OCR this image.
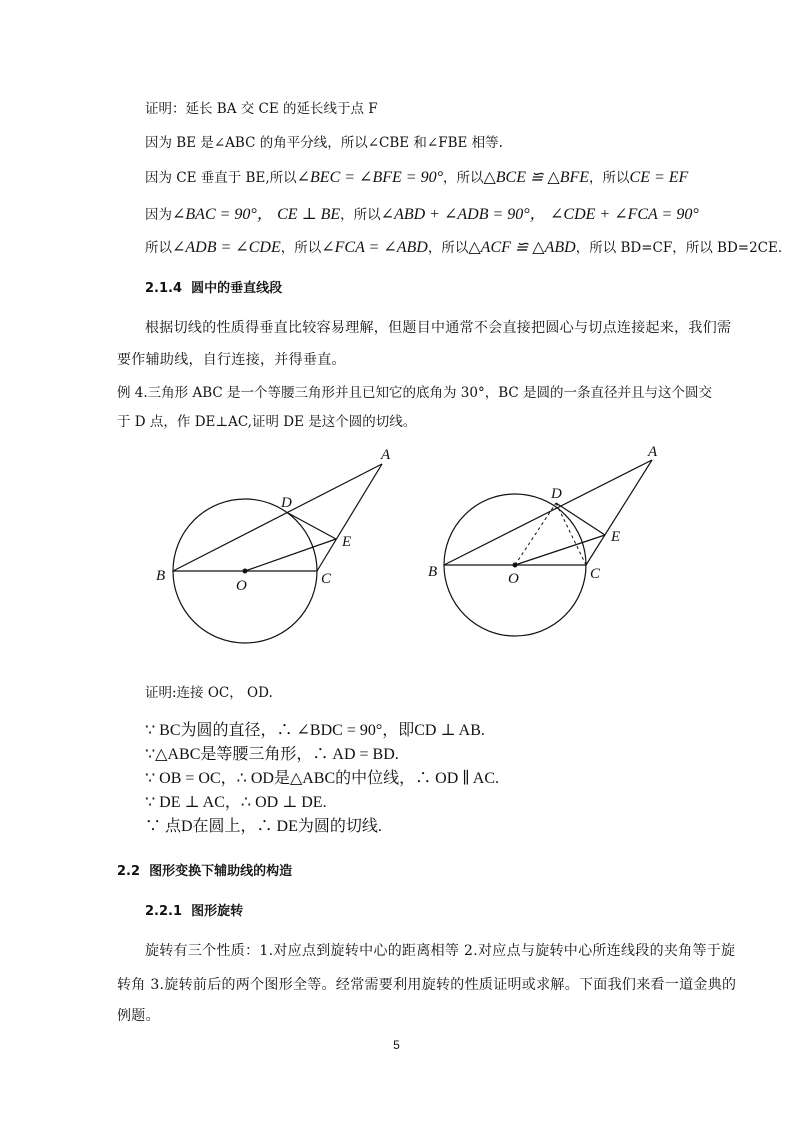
证明：延长 BA 交 CE 的延长线于点 F
因为 BE 是∠ABC 的角平分线，所以∠CBE 和∠FBE 相等.
因为 CE 垂直于 BE,所以∠BEC = ∠BFE = 90°，所以△BCE ≌ △BFE，所以CE = EF
因为∠BAC = 90°， CE ⊥ BE，所以∠ABD + ∠ADB = 90°， ∠CDE + ∠FCA = 90°
所以∠ADB = ∠CDE，所以∠FCA = ∠ABD，所以△ACF ≌ △ABD，所以 BD=CF，所以 BD=2CE.
2.1.4 圆中的垂直线段
根据切线的性质得垂直比较容易理解，但题目中通常不会直接把圆心与切点连接起来，我们需
要作辅助线，自行连接，并得垂直。
例 4.三角形 ABC 是一个等腰三角形并且已知它的底角为 30°，BC 是圆的一条直径并且与这个圆交
于 D 点，作 DE⊥AC,证明 DE 是这个圆的切线。
B
O	C
D
E
A
B	O	C
D
E
A
证明:连接 OC， OD.
∵ BC为圆的直径，∴ ∠BDC = 90°，即CD ⊥ AB.
∵△ABC是等腰三角形，∴ AD = BD.
∵ OB = OC，∴ OD是△ABC的中位线，∴ OD ∥ AC.
∵ DE ⊥ AC，∴ OD ⊥ DE.
∵ 点D在圆上，∴ DE为圆的切线.
2.2 图形变换下辅助线的构造
2.2.1 图形旋转
旋转有三个性质：1.对应点到旋转中心的距离相等 2.对应点与旋转中心所连线段的夹角等于旋
转角 3.旋转前后的两个图形全等。经常需要利用旋转的性质证明或求解。下面我们来看一道金典的
例题。
5
